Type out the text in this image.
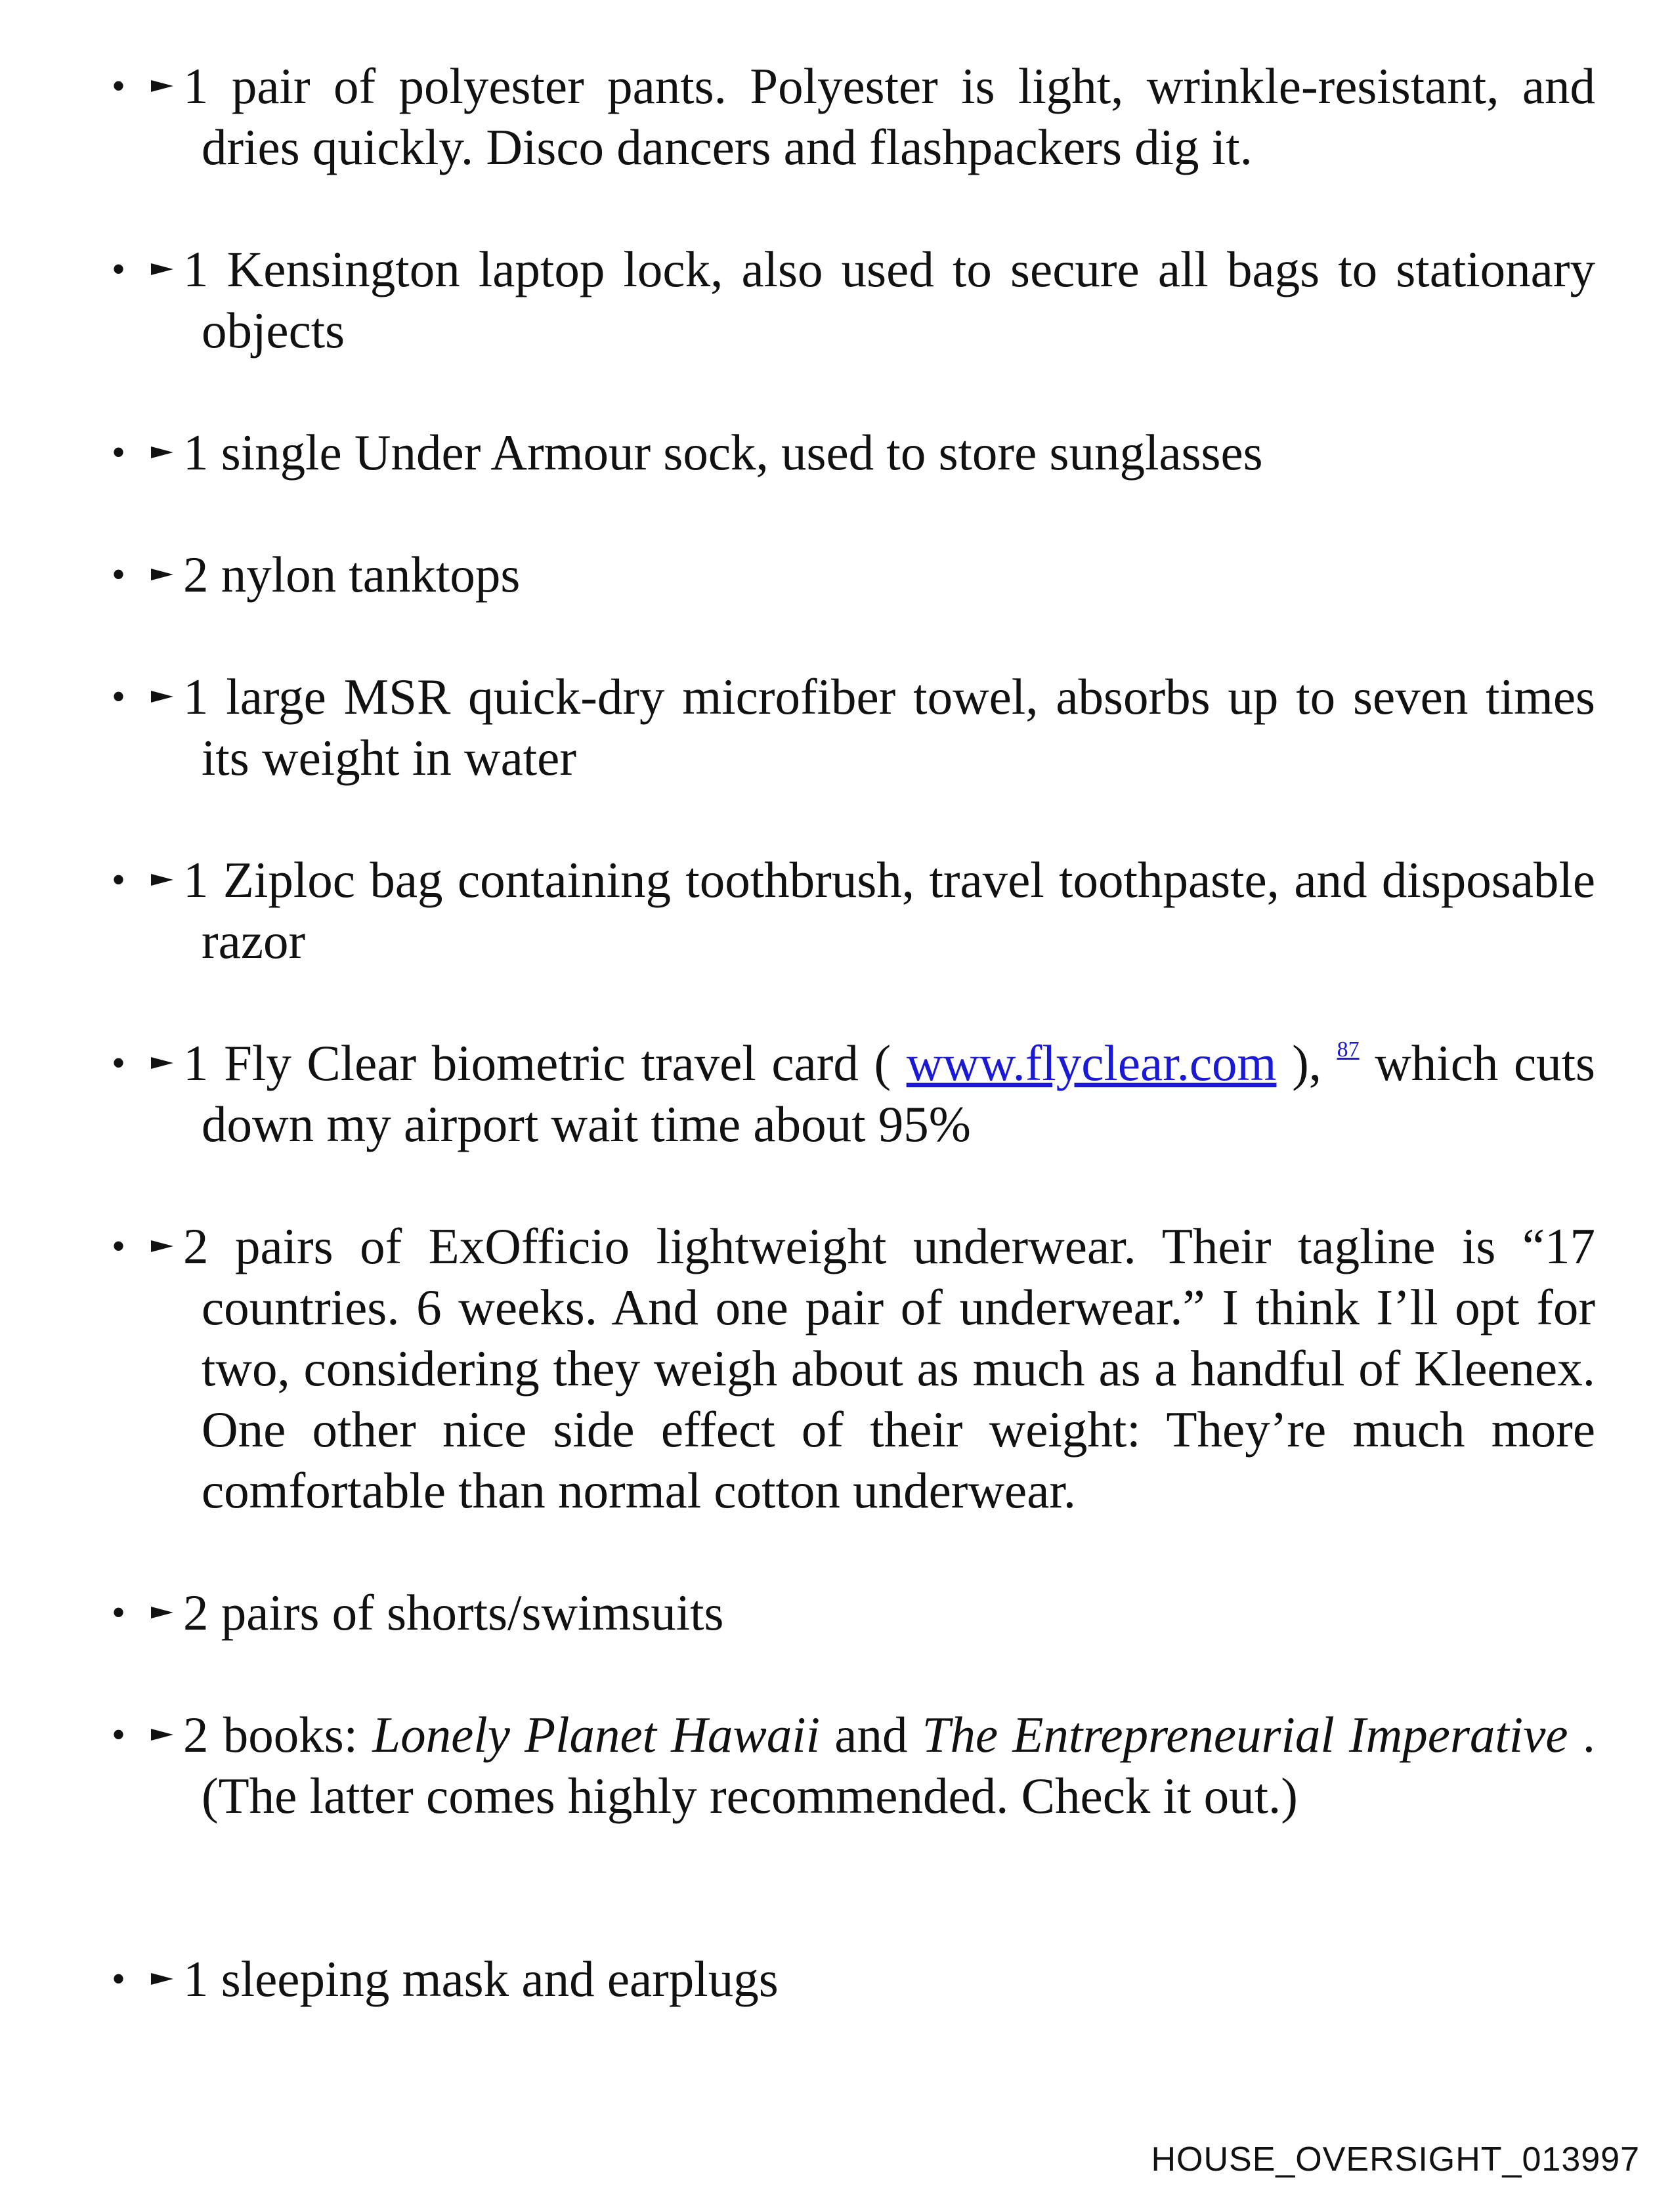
•	1 pair of polyester pants. Polyester is light, wrinkle-resistant, and dries quickly. Disco dancers and flashpackers dig it.
•	1 Kensington laptop lock, also used to secure all bags to stationary objects
•	1 single Under Armour sock, used to store sunglasses
•	2 nylon tanktops
•	1 large MSR quick-dry microfiber towel, absorbs up to seven times its weight in water
•	1 Ziploc bag containing toothbrush, travel toothpaste, and disposable razor
•	1 Fly Clear biometric travel card ( www.flyclear.com ), $^{87}$ which cuts down my airport wait time about 95%
•	2 pairs of ExOfficio lightweight underwear. Their tagline is “17 countries. 6 weeks. And one pair of underwear.” I think I’ll opt for two, considering they weigh about as much as a handful of Kleenex. One other nice side effect of their weight: They’re much more comfortable than normal cotton underwear.
•	2 pairs of shorts/swimsuits
•	2 books: Lonely Planet Hawaii and The Entrepreneurial Imperative . (The latter comes highly recommended. Check it out.)
•	1 sleeping mask and earplugs
HOUSE_OVERSIGHT_013997
